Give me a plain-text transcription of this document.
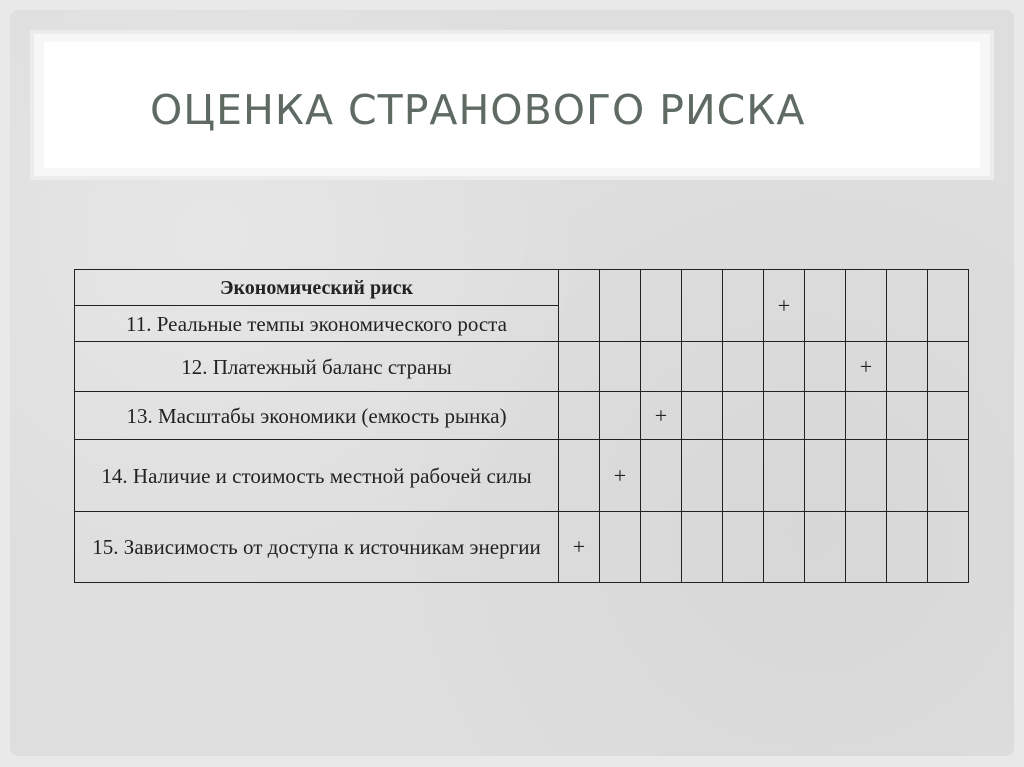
ОЦЕНКА СТРАНОВОГО РИСКА
Экономический риск						+				
11. Реальные темпы экономического роста										
12. Платежный баланс страны								+		
13. Масштабы экономики (емкость рынка)			+							
14. Наличие и стоимость местной рабочей силы		+								
15. Зависимость от доступа к источникам энергии	+									
